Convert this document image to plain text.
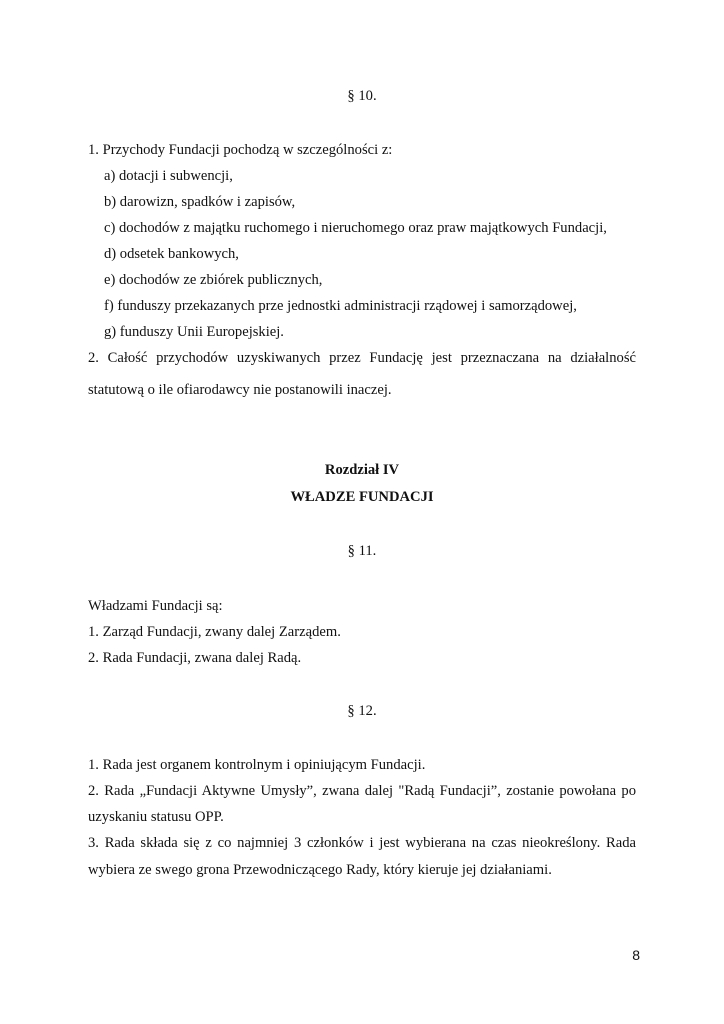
§ 10.
1. Przychody Fundacji pochodzą w szczególności z:
a) dotacji i subwencji,
b) darowizn, spadków i zapisów,
c) dochodów z majątku ruchomego i nieruchomego oraz praw majątkowych Fundacji,
d) odsetek bankowych,
e) dochodów ze zbiórek publicznych,
f) funduszy przekazanych prze jednostki administracji rządowej i samorządowej,
g) funduszy Unii Europejskiej.
2. Całość przychodów uzyskiwanych przez Fundację jest przeznaczana na działalność
statutową o ile ofiarodawcy nie postanowili inaczej.
Rozdział IV
WŁADZE FUNDACJI
§ 11.
Władzami Fundacji są:
1. Zarząd Fundacji, zwany dalej Zarządem.
2. Rada Fundacji, zwana dalej Radą.
§ 12.
1. Rada jest organem kontrolnym i opiniującym Fundacji.
2. Rada „Fundacji Aktywne Umysły”, zwana dalej "Radą Fundacji”, zostanie powołana po
uzyskaniu statusu OPP.
3. Rada składa się z co najmniej 3 członków i jest wybierana na czas nieokreślony. Rada
wybiera ze swego grona Przewodniczącego Rady, który kieruje jej działaniami.
8
